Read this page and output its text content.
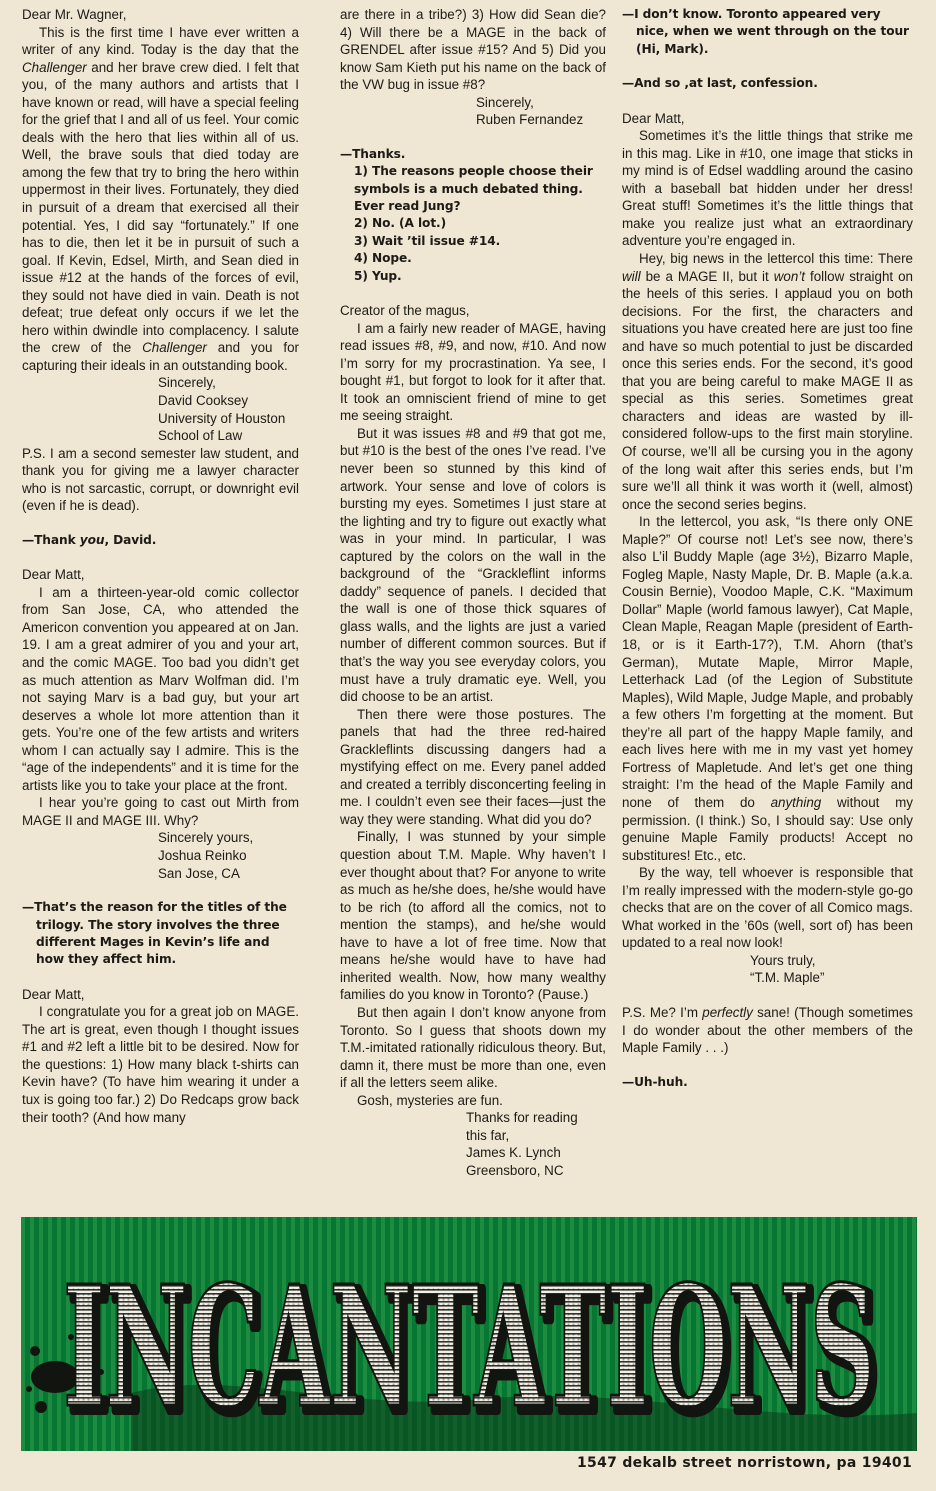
Dear Mr. Wagner,

This is the first time I have ever written a writer of any kind. Today is the day that the Challenger and her brave crew died. I felt that you, of the many authors and artists that I have known or read, will have a special feeling for the grief that I and all of us feel. Your comic deals with the hero that lies within all of us. Well, the brave souls that died today are among the few that try to bring the hero within uppermost in their lives. Fortunately, they died in pursuit of a dream that exercised all their potential. Yes, I did say “fortunately.” If one has to die, then let it be in pursuit of such a goal. If Kevin, Edsel, Mirth, and Sean died in issue #12 at the hands of the forces of evil, they sould not have died in vain. Death is not defeat; true defeat only occurs if we let the hero within dwindle into complacency. I salute the crew of the Challenger and you for capturing their ideals in an outstanding book.

Sincerely,

David Cooksey

University of Houston

School of Law

P.S. I am a second semester law student, and thank you for giving me a lawyer character who is not sarcastic, corrupt, or downright evil (even if he is dead).

—Thank you, David.

Dear Matt,

I am a thirteen-year-old comic collector from San Jose, CA, who attended the Americon convention you appeared at on Jan. 19. I am a great admirer of you and your art, and the comic MAGE. Too bad you didn’t get as much attention as Marv Wolfman did. I’m not saying Marv is a bad guy, but your art deserves a whole lot more attention than it gets. You’re one of the few artists and writers whom I can actually say I admire. This is the “age of the independents” and it is time for the artists like you to take your place at the front.

I hear you’re going to cast out Mirth from MAGE II and MAGE III. Why?

Sincerely yours,

Joshua Reinko

San Jose, CA

—That’s the reason for the titles of the trilogy. The story involves the three different Mages in Kevin’s life and how they affect him.

Dear Matt,

I congratulate you for a great job on MAGE. The art is great, even though I thought issues #1 and #2 left a little bit to be desired. Now for the questions: 1) How many black t-shirts can Kevin have? (To have him wearing it under a tux is going too far.) 2) Do Redcaps grow back their tooth? (And how many

are there in a tribe?) 3) How did Sean die? 4) Will there be a MAGE in the back of GRENDEL after issue #15? And 5) Did you know Sam Kieth put his name on the back of the VW bug in issue #8?

Sincerely,

Ruben Fernandez

—Thanks.

1) The reasons people choose their symbols is a much debated thing. Ever read Jung?

2) No. (A lot.)

3) Wait ’til issue #14.

4) Nope.

5) Yup.

Creator of the magus,

I am a fairly new reader of MAGE, having read issues #8, #9, and now, #10. And now I’m sorry for my procrastination. Ya see, I bought #1, but forgot to look for it after that. It took an omniscient friend of mine to get me seeing straight.

But it was issues #8 and #9 that got me, but #10 is the best of the ones I’ve read. I’ve never been so stunned by this kind of artwork. Your sense and love of colors is bursting my eyes. Sometimes I just stare at the lighting and try to figure out exactly what was in your mind. In particular, I was captured by the colors on the wall in the background of the “Grackleflint informs daddy” sequence of panels. I decided that the wall is one of those thick squares of glass walls, and the lights are just a varied number of different common sources. But if that’s the way you see everyday colors, you must have a truly dramatic eye. Well, you did choose to be an artist.

Then there were those postures. The panels that had the three red-haired Grackleflints discussing dangers had a mystifying effect on me. Every panel added and created a terribly disconcerting feeling in me. I couldn’t even see their faces—just the way they were standing. What did you do?

Finally, I was stunned by your simple question about T.M. Maple. Why haven’t I ever thought about that? For anyone to write as much as he/she does, he/she would have to be rich (to afford all the comics, not to mention the stamps), and he/she would have to have a lot of free time. Now that means he/she would have to have had inherited wealth. Now, how many wealthy families do you know in Toronto? (Pause.)

But then again I don’t know anyone from Toronto. So I guess that shoots down my T.M.-imitated rationally ridiculous theory. But, damn it, there must be more than one, even if all the letters seem alike.

Gosh, mysteries are fun.

Thanks for reading

this far,

James K. Lynch

Greensboro, NC

—I don’t know. Toronto appeared very nice, when we went through on the tour (Hi, Mark).

—And so ,at last, confession.

Dear Matt,

Sometimes it’s the little things that strike me in this mag. Like in #10, one image that sticks in my mind is of Edsel waddling around the casino with a baseball bat hidden under her dress! Great stuff! Sometimes it’s the little things that make you realize just what an extraordinary adventure you’re engaged in.

Hey, big news in the lettercol this time: There will be a MAGE II, but it won’t follow straight on the heels of this series. I applaud you on both decisions. For the first, the characters and situations you have created here are just too fine and have so much potential to just be discarded once this series ends. For the second, it’s good that you are being careful to make MAGE II as special as this series. Sometimes great characters and ideas are wasted by ill-considered follow-ups to the first main storyline. Of course, we’ll all be cursing you in the agony of the long wait after this series ends, but I’m sure we’ll all think it was worth it (well, almost) once the second series begins.

In the lettercol, you ask, “Is there only ONE Maple?” Of course not! Let’s see now, there’s also L’il Buddy Maple (age 3½), Bizarro Maple, Fogleg Maple, Nasty Maple, Dr. B. Maple (a.k.a. Cousin Bernie), Voodoo Maple, C.K. “Maximum Dollar” Maple (world famous lawyer), Cat Maple, Clean Maple, Reagan Maple (president of Earth-18, or is it Earth-17?), T.M. Ahorn (that’s German), Mutate Maple, Mirror Maple, Letterhack Lad (of the Legion of Substitute Maples), Wild Maple, Judge Maple, and probably a few others I’m forgetting at the moment. But they’re all part of the happy Maple family, and each lives here with me in my vast yet homey Fortress of Mapletude. And let’s get one thing straight: I’m the head of the Maple Family and none of them do anything without my permission. (I think.) So, I should say: Use only genuine Maple Family products! Accept no substitures! Etc., etc.

By the way, tell whoever is responsible that I’m really impressed with the modern-style go-go checks that are on the cover of all Comico mags. What worked in the ’60s (well, sort of) has been updated to a real now look!

Yours truly,

“T.M. Maple”

P.S. Me? I’m perfectly sane! (Though sometimes I do wonder about the other members of the Maple Family . . .)

—Uh-huh.

INCANTATIONS
INCANTATIONS
INCANTATIONS
INCANTATIONS
1547 dekalb street norristown, pa 19401
